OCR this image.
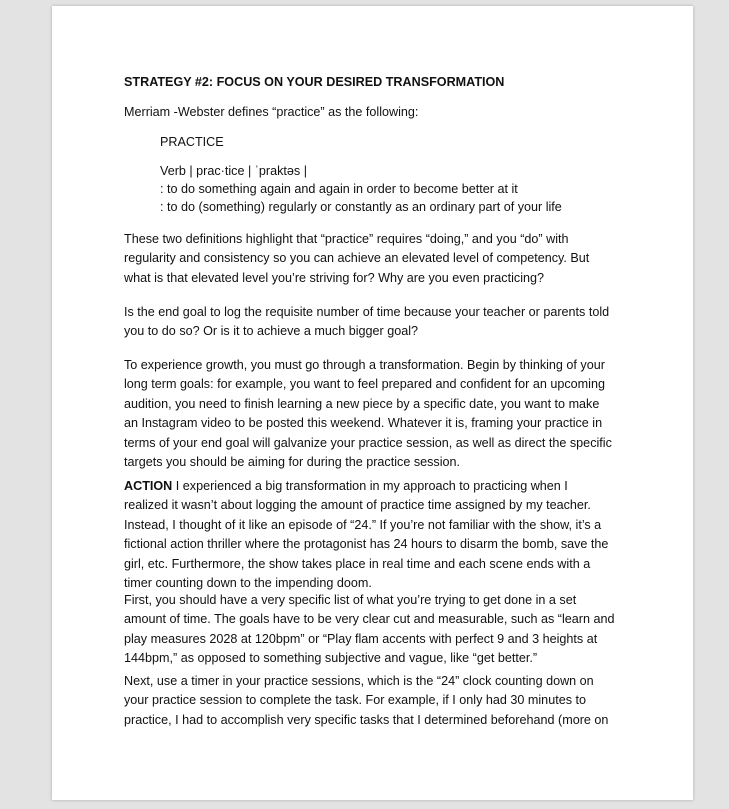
STRATEGY #2: FOCUS ON YOUR DESIRED TRANSFORMATION
Merriam -Webster defines “practice” as the following:
PRACTICE
Verb | prac·tice | ˈpraktəs |
: to do something again and again in order to become better at it
: to do (something) regularly or constantly as an ordinary part of your life
These two definitions highlight that “practice” requires “doing,” and you “do” with
regularity and consistency so you can achieve an elevated level of competency. But
what is that elevated level you’re striving for? Why are you even practicing?
Is the end goal to log the requisite number of time because your teacher or parents told
you to do so? Or is it to achieve a much bigger goal?
To experience growth, you must go through a transformation. Begin by thinking of your
long term goals: for example, you want to feel prepared and confident for an upcoming
audition, you need to finish learning a new piece by a specific date, you want to make
an Instagram video to be posted this weekend. Whatever it is, framing your practice in
terms of your end goal will galvanize your practice session, as well as direct the specific
targets you should be aiming for during the practice session.
ACTION I experienced a big transformation in my approach to practicing when I
realized it wasn’t about logging the amount of practice time assigned by my teacher.
Instead, I thought of it like an episode of “24.” If you’re not familiar with the show, it’s a
fictional action thriller where the protagonist has 24 hours to disarm the bomb, save the
girl, etc. Furthermore, the show takes place in real time and each scene ends with a
timer counting down to the impending doom.
First, you should have a very specific list of what you’re trying to get done in a set
amount of time. The goals have to be very clear cut and measurable, such as “learn and
play measures 2028 at 120bpm” or “Play flam accents with perfect 9 and 3 heights at
144bpm,” as opposed to something subjective and vague, like “get better.”
Next, use a timer in your practice sessions, which is the “24” clock counting down on
your practice session to complete the task. For example, if I only had 30 minutes to
practice, I had to accomplish very specific tasks that I determined beforehand (more on
